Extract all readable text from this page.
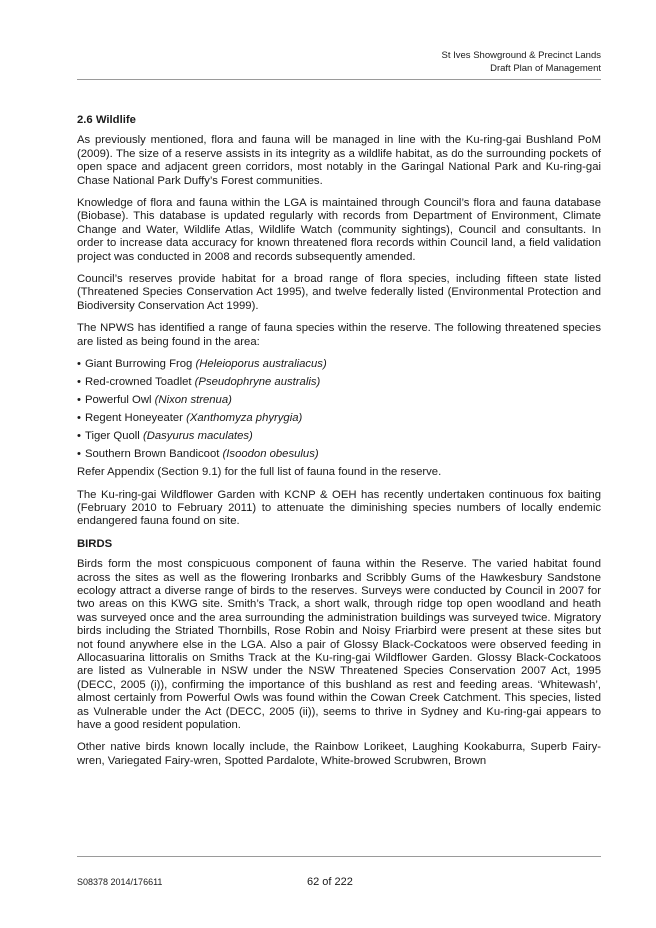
St Ives Showground & Precinct Lands
Draft Plan of Management
2.6 Wildlife

As previously mentioned, flora and fauna will be managed in line with the Ku-ring-gai Bushland PoM (2009). The size of a reserve assists in its integrity as a wildlife habitat, as do the surrounding pockets of open space and adjacent green corridors, most notably in the Garingal National Park and Ku-ring-gai Chase National Park Duffy’s Forest communities.

Knowledge of flora and fauna within the LGA is maintained through Council’s flora and fauna database (Biobase). This database is updated regularly with records from Department of Environment, Climate Change and Water, Wildlife Atlas, Wildlife Watch (community sightings), Council and consultants. In order to increase data accuracy for known threatened flora records within Council land, a field validation project was conducted in 2008 and records subsequently amended.

Council’s reserves provide habitat for a broad range of flora species, including fifteen state listed (Threatened Species Conservation Act 1995), and twelve federally listed (Environmental Protection and Biodiversity Conservation Act 1999).

The NPWS has identified a range of fauna species within the reserve. The following threatened species are listed as being found in the area:

• Giant Burrowing Frog (Heleioporus australiacus)
• Red-crowned Toadlet (Pseudophryne australis)
• Powerful Owl (Nixon strenua)
• Regent Honeyeater (Xanthomyza phyrygia)
• Tiger Quoll (Dasyurus maculates)
• Southern Brown Bandicoot (Isoodon obesulus)

Refer Appendix (Section 9.1) for the full list of fauna found in the reserve.

The Ku-ring-gai Wildflower Garden with KCNP & OEH has recently undertaken continuous fox baiting (February 2010 to February 2011) to attenuate the diminishing species numbers of locally endemic endangered fauna found on site.

BIRDS

Birds form the most conspicuous component of fauna within the Reserve. The varied habitat found across the sites as well as the flowering Ironbarks and Scribbly Gums of the Hawkesbury Sandstone ecology attract a diverse range of birds to the reserves. Surveys were conducted by Council in 2007 for two areas on this KWG site. Smith’s Track, a short walk, through ridge top open woodland and heath was surveyed once and the area surrounding the administration buildings was surveyed twice. Migratory birds including the Striated Thornbills, Rose Robin and Noisy Friarbird were present at these sites but not found anywhere else in the LGA. Also a pair of Glossy Black-Cockatoos were observed feeding in Allocasuarina littoralis on Smiths Track at the Ku-ring-gai Wildflower Garden. Glossy Black-Cockatoos are listed as Vulnerable in NSW under the NSW Threatened Species Conservation 2007 Act, 1995 (DECC, 2005 (i)), confirming the importance of this bushland as rest and feeding areas. ‘Whitewash’, almost certainly from Powerful Owls was found within the Cowan Creek Catchment. This species, listed as Vulnerable under the Act (DECC, 2005 (ii)), seems to thrive in Sydney and Ku-ring-gai appears to have a good resident population.

Other native birds known locally include, the Rainbow Lorikeet, Laughing Kookaburra, Superb Fairy-wren, Variegated Fairy-wren, Spotted Pardalote, White-browed Scrubwren, Brown

S08378 2014/176611	62 of 222
